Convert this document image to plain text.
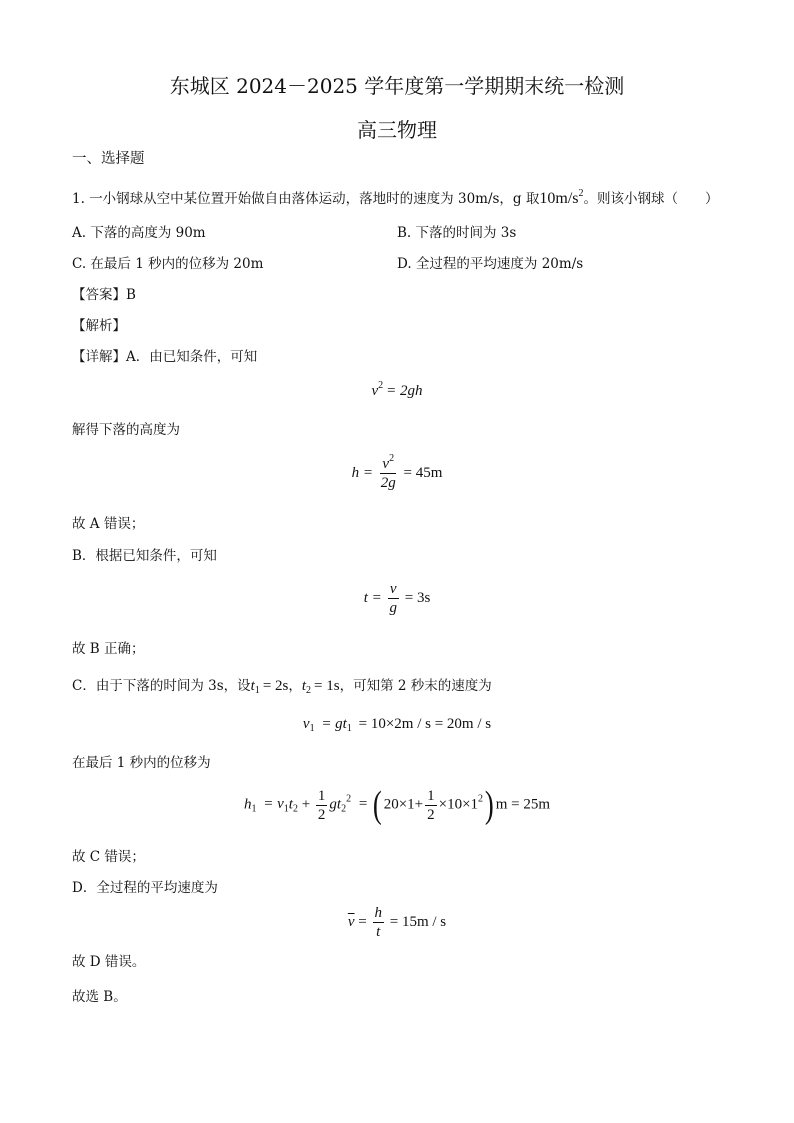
东城区 2024－2025 学年度第一学期期末统一检测
高三物理
一、选择题
1. 一小钢球从空中某位置开始做自由落体运动，落地时的速度为 30m/s，g 取$10m/s^2$。则该小钢球（　　）
A. 下落的高度为 90m	B. 下落的时间为 3s
C. 在最后 1 秒内的位移为 20m	D. 全过程的平均速度为 20m/s
【答案】B
【解析】
【详解】A．由已知条件，可知
$v^2 = 2gh$
解得下落的高度为
$h = \frac{v^2}{2g} = 45m$
故 A 错误；
B．根据已知条件，可知
$t = \frac{v}{g} = 3s$
故 B 正确；
C．由于下落的时间为 3s，设$t_1 = 2s$，$t_2 = 1s$，可知第 2 秒末的速度为
$v_1 = gt_1 = 10\times 2m / s = 20m / s$
在最后 1 秒内的位移为
$h_1 = v_1t_2 + \frac{1}{2} gt_2^2$ = ( $20\times 1+ \frac{1}{2} \times 10\times 1^2$) m = 25m
故 C 错误；
D．全过程的平均速度为
$\overline{v} = \frac{h}{t} = 15m / s$
故 D 错误。
故选 B。
